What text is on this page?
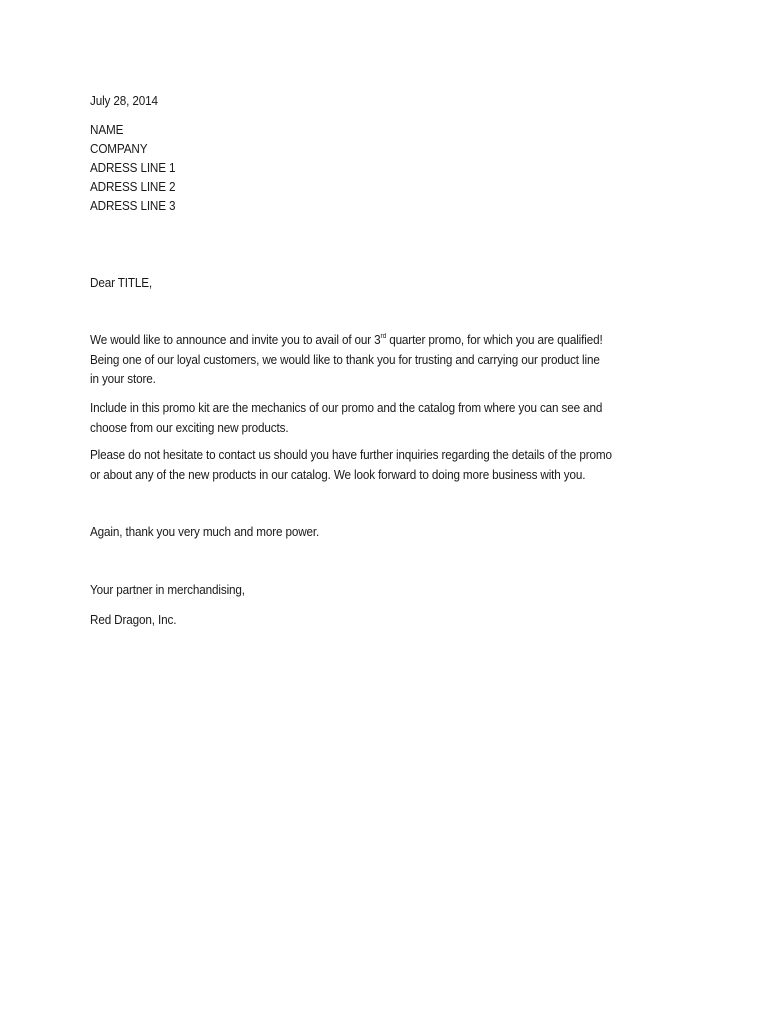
July 28, 2014
NAME
COMPANY
ADRESS LINE 1
ADRESS LINE 2
ADRESS LINE 3
Dear TITLE,
We would like to announce and invite you to avail of our 3rd quarter promo, for which you are qualified!
Being one of our loyal customers, we would like to thank you for trusting and carrying our product line
in your store.
Include in this promo kit are the mechanics of our promo and the catalog from where you can see and
choose from our exciting new products.
Please do not hesitate to contact us should you have further inquiries regarding the details of the promo
or about any of the new products in our catalog. We look forward to doing more business with you.
Again, thank you very much and more power.
Your partner in merchandising,
Red Dragon, Inc.
